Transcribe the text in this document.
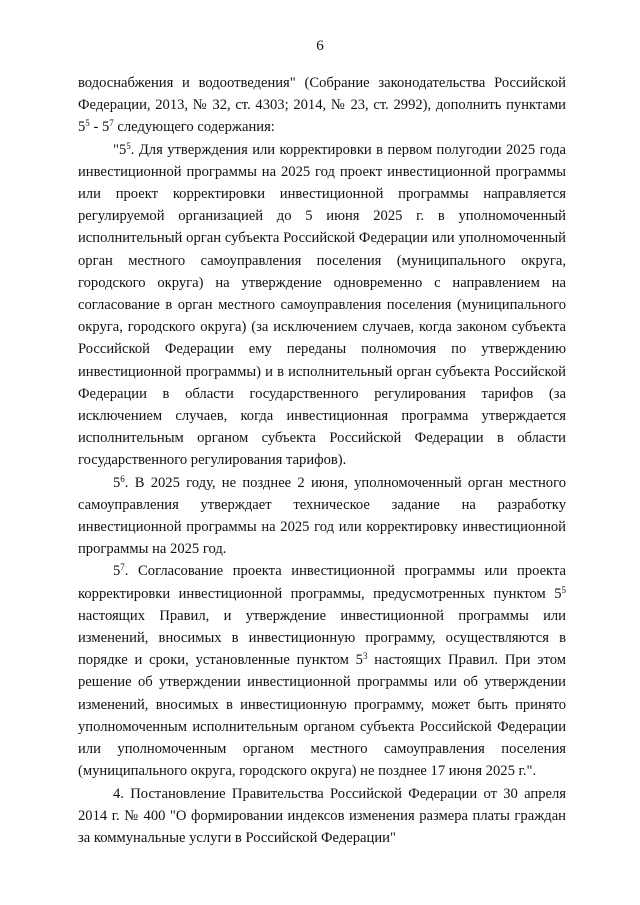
6

водоснабжения и водоотведения" (Собрание законодательства Российской Федерации, 2013, № 32, ст. 4303; 2014, № 23, ст. 2992), дополнить пунктами $5^5 - 5^7$ следующего содержания:

"$5^5$. Для утверждения или корректировки в первом полугодии 2025 года инвестиционной программы на 2025 год проект инвестиционной программы или проект корректировки инвестиционной программы направляется регулируемой организацией до 5 июня 2025 г. в уполномоченный исполнительный орган субъекта Российской Федерации или уполномоченный орган местного самоуправления поселения (муниципального округа, городского округа) на утверждение одновременно с направлением на согласование в орган местного самоуправления поселения (муниципального округа, городского округа) (за исключением случаев, когда законом субъекта Российской Федерации ему переданы полномочия по утверждению инвестиционной программы) и в исполнительный орган субъекта Российской Федерации в области государственного регулирования тарифов (за исключением случаев, когда инвестиционная программа утверждается исполнительным органом субъекта Российской Федерации в области государственного регулирования тарифов).

$5^6$. В 2025 году, не позднее 2 июня, уполномоченный орган местного самоуправления утверждает техническое задание на разработку инвестиционной программы на 2025 год или корректировку инвестиционной программы на 2025 год.

$5^7$. Согласование проекта инвестиционной программы или проекта корректировки инвестиционной программы, предусмотренных пунктом $5^5$ настоящих Правил, и утверждение инвестиционной программы или изменений, вносимых в инвестиционную программу, осуществляются в порядке и сроки, установленные пунктом $5^3$ настоящих Правил. При этом решение об утверждении инвестиционной программы или об утверждении изменений, вносимых в инвестиционную программу, может быть принято уполномоченным исполнительным органом субъекта Российской Федерации или уполномоченным органом местного самоуправления поселения (муниципального округа, городского округа) не позднее 17 июня 2025 г.".

4. Постановление Правительства Российской Федерации от 30 апреля 2014 г. № 400 "О формировании индексов изменения размера платы граждан за коммунальные услуги в Российской Федерации"
